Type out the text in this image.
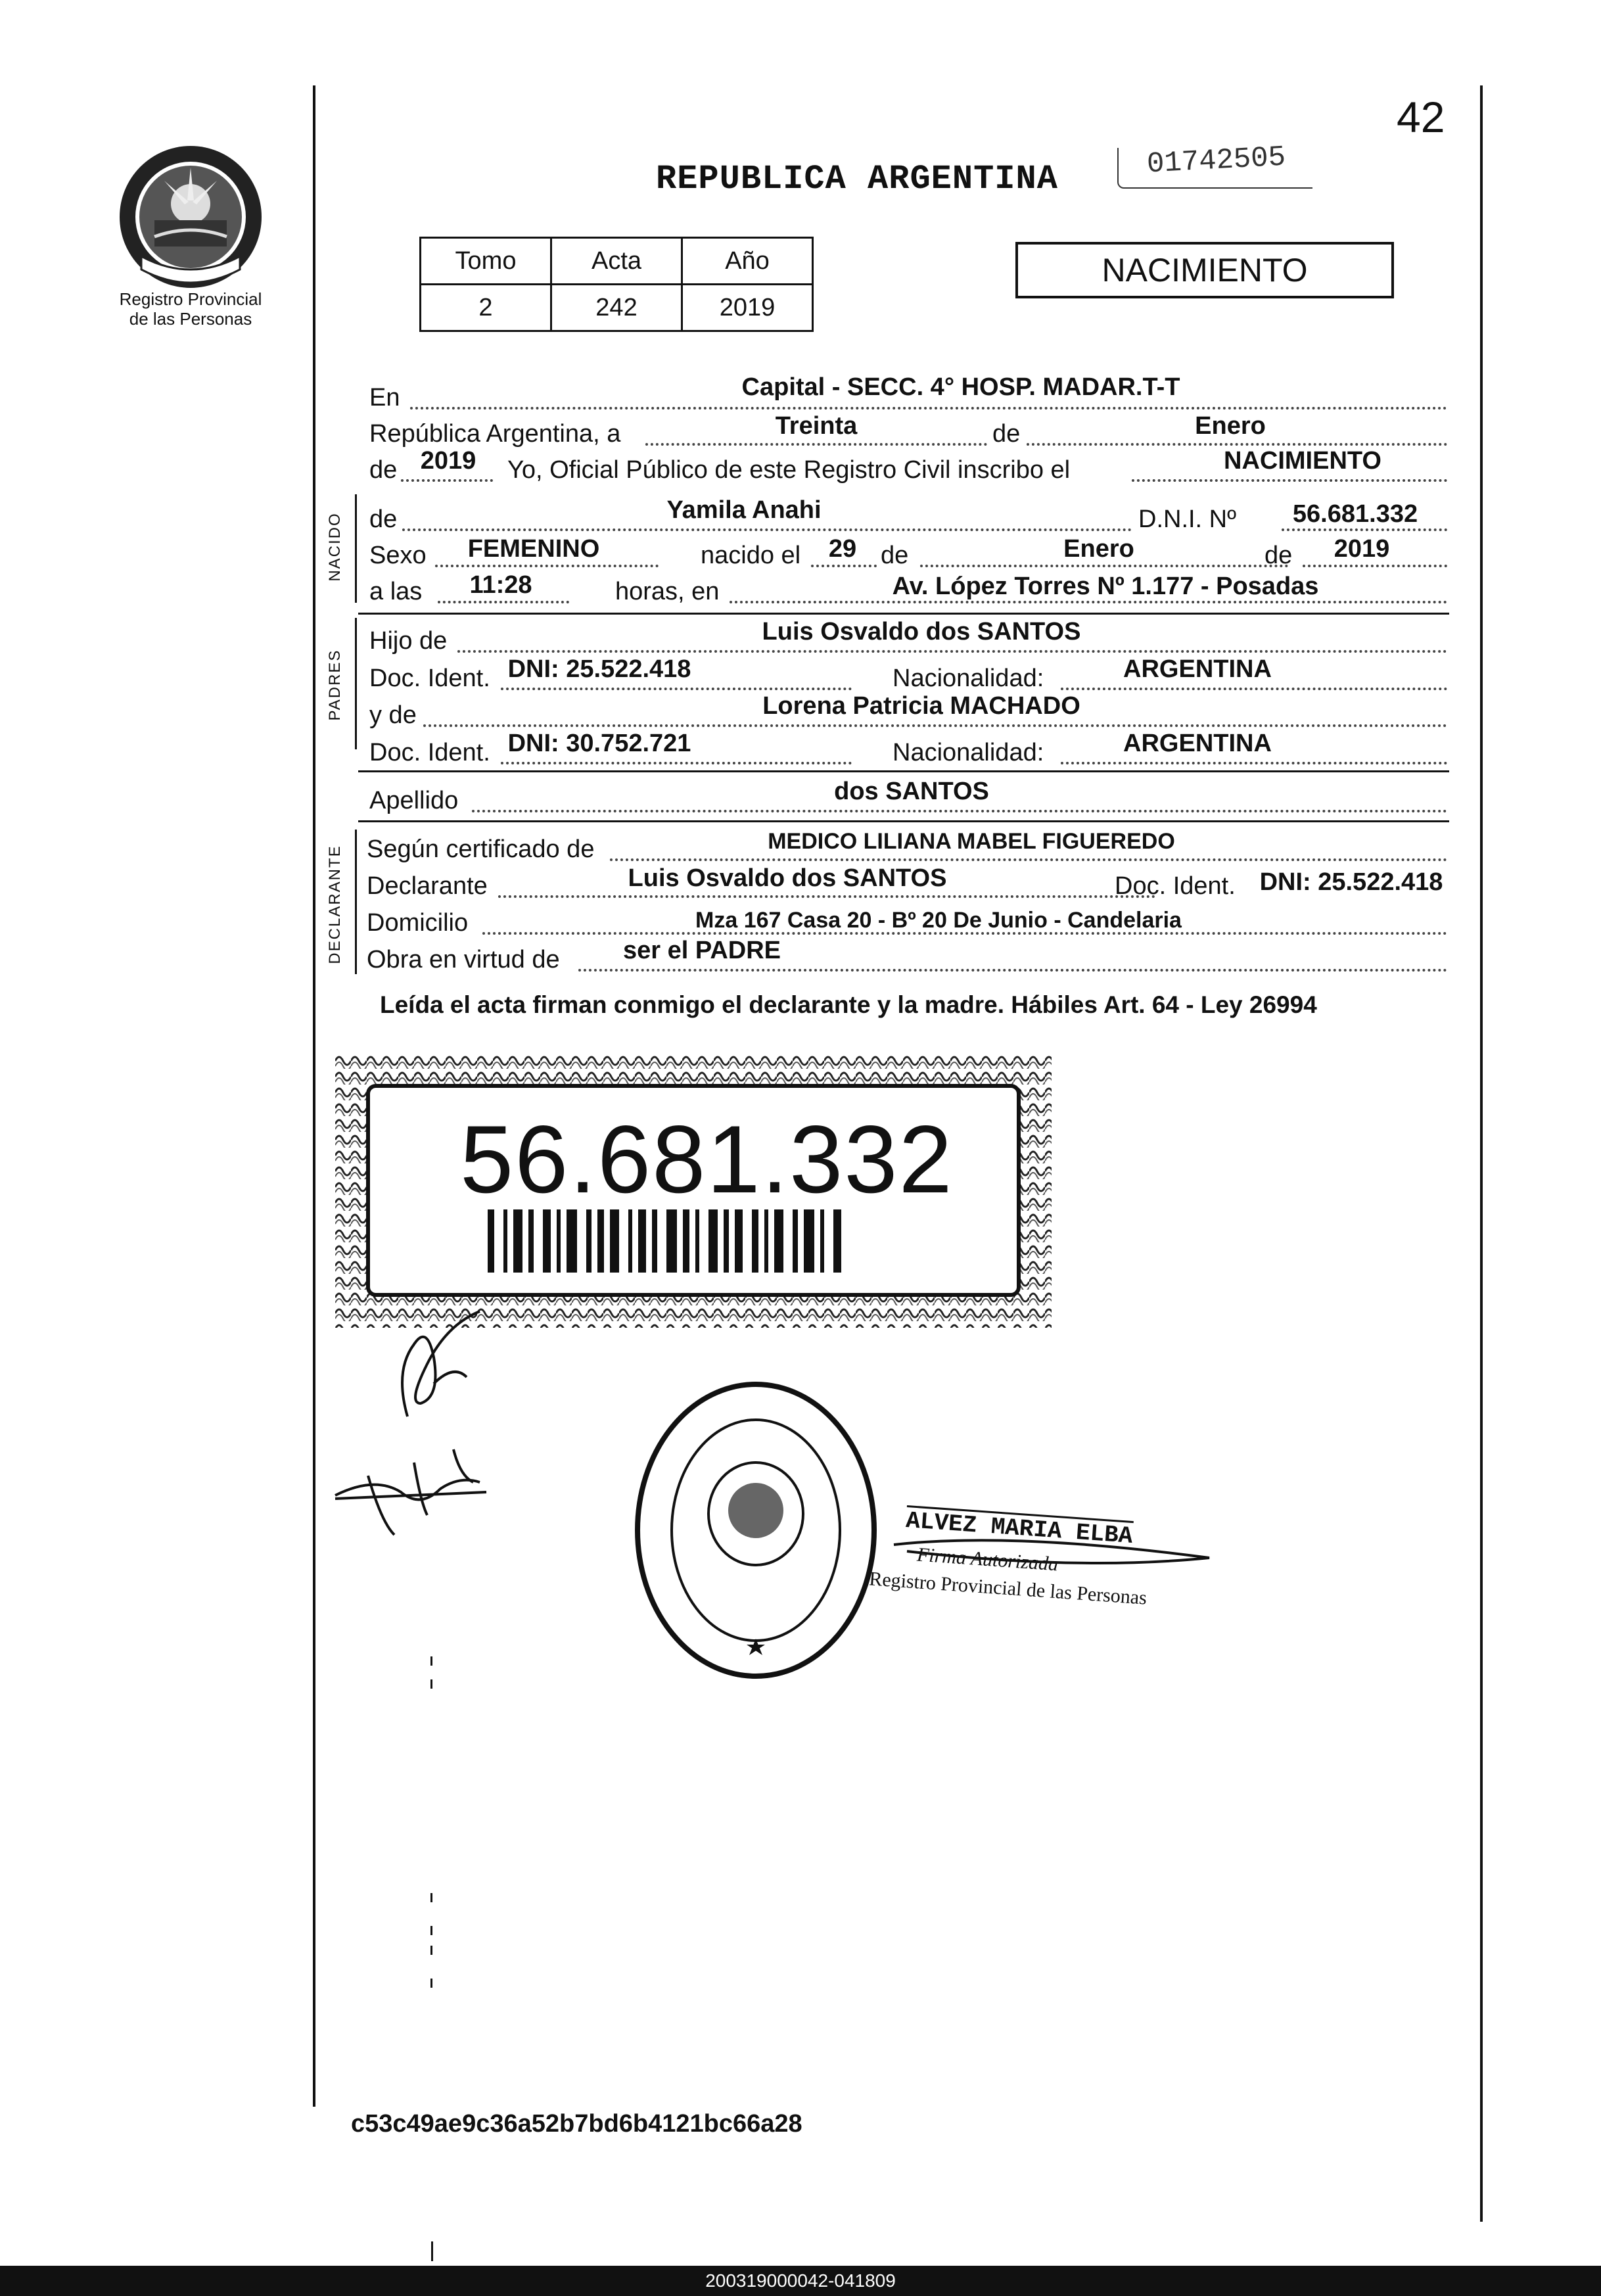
Registro Provincial
de las Personas
42
REPUBLICA ARGENTINA	01742505
Tomo	Acta	Año
2	242	2019
NACIMIENTO
En	Capital - SECC. 4° HOSP. MADAR.T-T
República Argentina, a	Treinta	de	Enero
de 2019	Yo, Oficial Público de este Registro Civil inscribo el	NACIMIENTO
NACIDO de	Yamila Anahi	D.N.I. Nº	56.681.332
Sexo	FEMENINO	nacido el	29 de	Enero	de	2019
a las	11:28	horas, en	Av. López Torres Nº 1.177 - Posadas
PADRES
Hijo de	Luis Osvaldo dos SANTOS
Doc. Ident. DNI: 25.522.418	Nacionalidad:	ARGENTINA
y de	Lorena Patricia MACHADO
Doc. Ident. DNI: 30.752.721	Nacionalidad:	ARGENTINA
Apellido	dos SANTOS
DECLARANTE Según certificado de	MEDICO LILIANA MABEL FIGUEREDO
Declarante	Luis Osvaldo dos SANTOS	Doc. Ident. DNI: 25.522.418
Domicilio	Mza 167 Casa 20 - Bº 20 De Junio - Candelaria
Obra en virtud de	ser el PADRE
Leída el acta firman conmigo el declarante y la madre. Hábiles Art. 64 - Ley 26994
56.681.332
ALVEZ MARIA ELBA
Firma Autorizada
Registro Provincial de las Personas
c53c49ae9c36a52b7bd6b4121bc66a28
200319000042-041809
